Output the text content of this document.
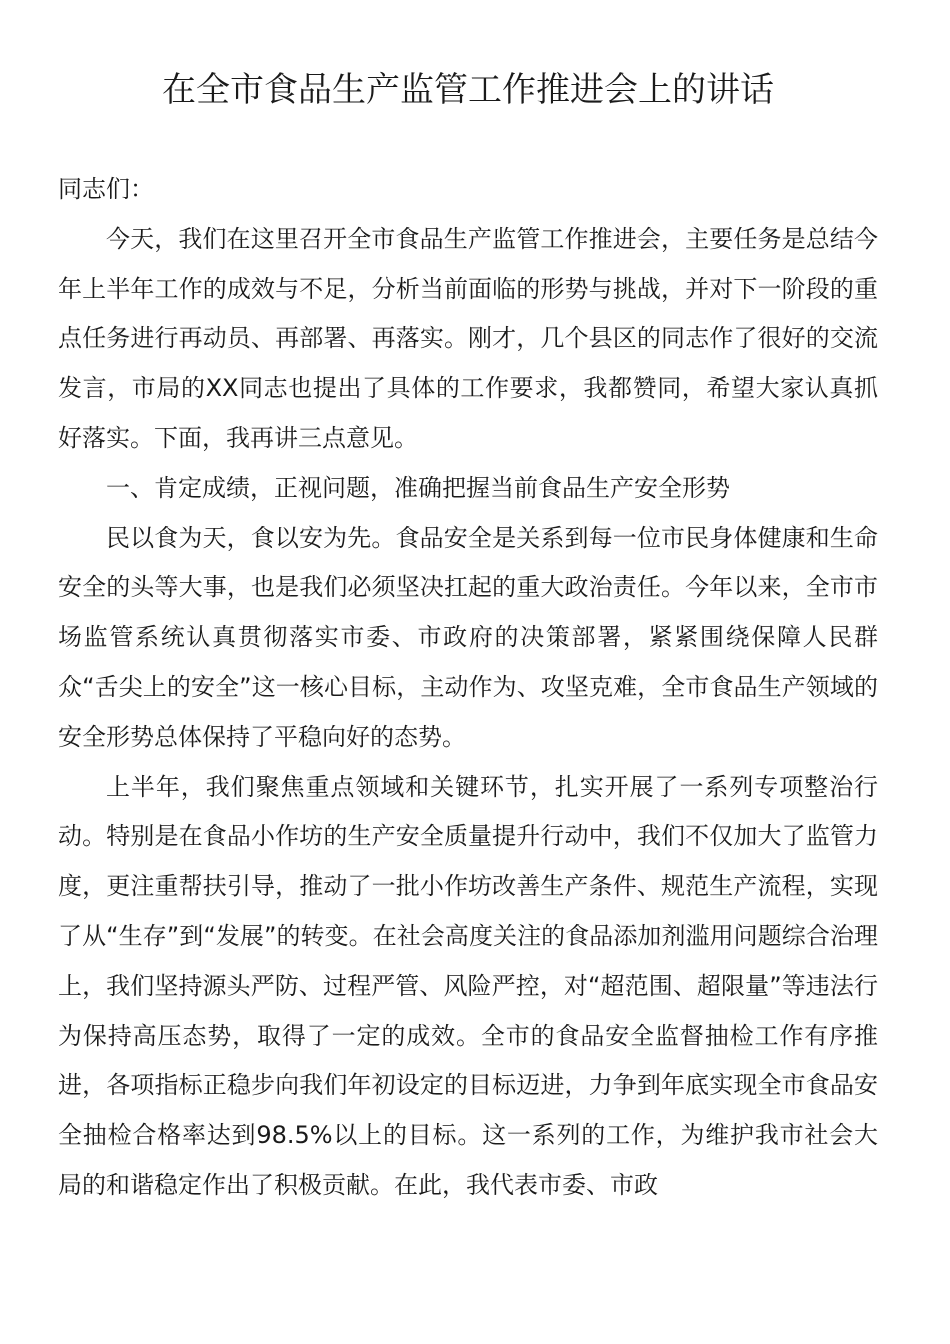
在全市食品生产监管工作推进会上的讲话

同志们：

今天，我们在这里召开全市食品生产监管工作推进会，主要任务是总结今年上半年工作的成效与不足，分析当前面临的形势与挑战，并对下一阶段的重点任务进行再动员、再部署、再落实。刚才，几个县区的同志作了很好的交流发言，市局的XX同志也提出了具体的工作要求，我都赞同，希望大家认真抓好落实。下面，我再讲三点意见。

一、肯定成绩，正视问题，准确把握当前食品生产安全形势

民以食为天，食以安为先。食品安全是关系到每一位市民身体健康和生命安全的头等大事，也是我们必须坚决扛起的重大政治责任。今年以来，全市市场监管系统认真贯彻落实市委、市政府的决策部署，紧紧围绕保障人民群众“舌尖上的安全”这一核心目标，主动作为、攻坚克难，全市食品生产领域的安全形势总体保持了平稳向好的态势。

上半年，我们聚焦重点领域和关键环节，扎实开展了一系列专项整治行动。特别是在食品小作坊的生产安全质量提升行动中，我们不仅加大了监管力度，更注重帮扶引导，推动了一批小作坊改善生产条件、规范生产流程，实现了从“生存”到“发展”的转变。在社会高度关注的食品添加剂滥用问题综合治理上，我们坚持源头严防、过程严管、风险严控，对“超范围、超限量”等违法行为保持高压态势，取得了一定的成效。全市的食品安全监督抽检工作有序推进，各项指标正稳步向我们年初设定的目标迈进，力争到年底实现全市食品安全抽检合格率达到98.5%以上的目标。这一系列的工作，为维护我市社会大局的和谐稳定作出了积极贡献。在此，我代表市委、市政
